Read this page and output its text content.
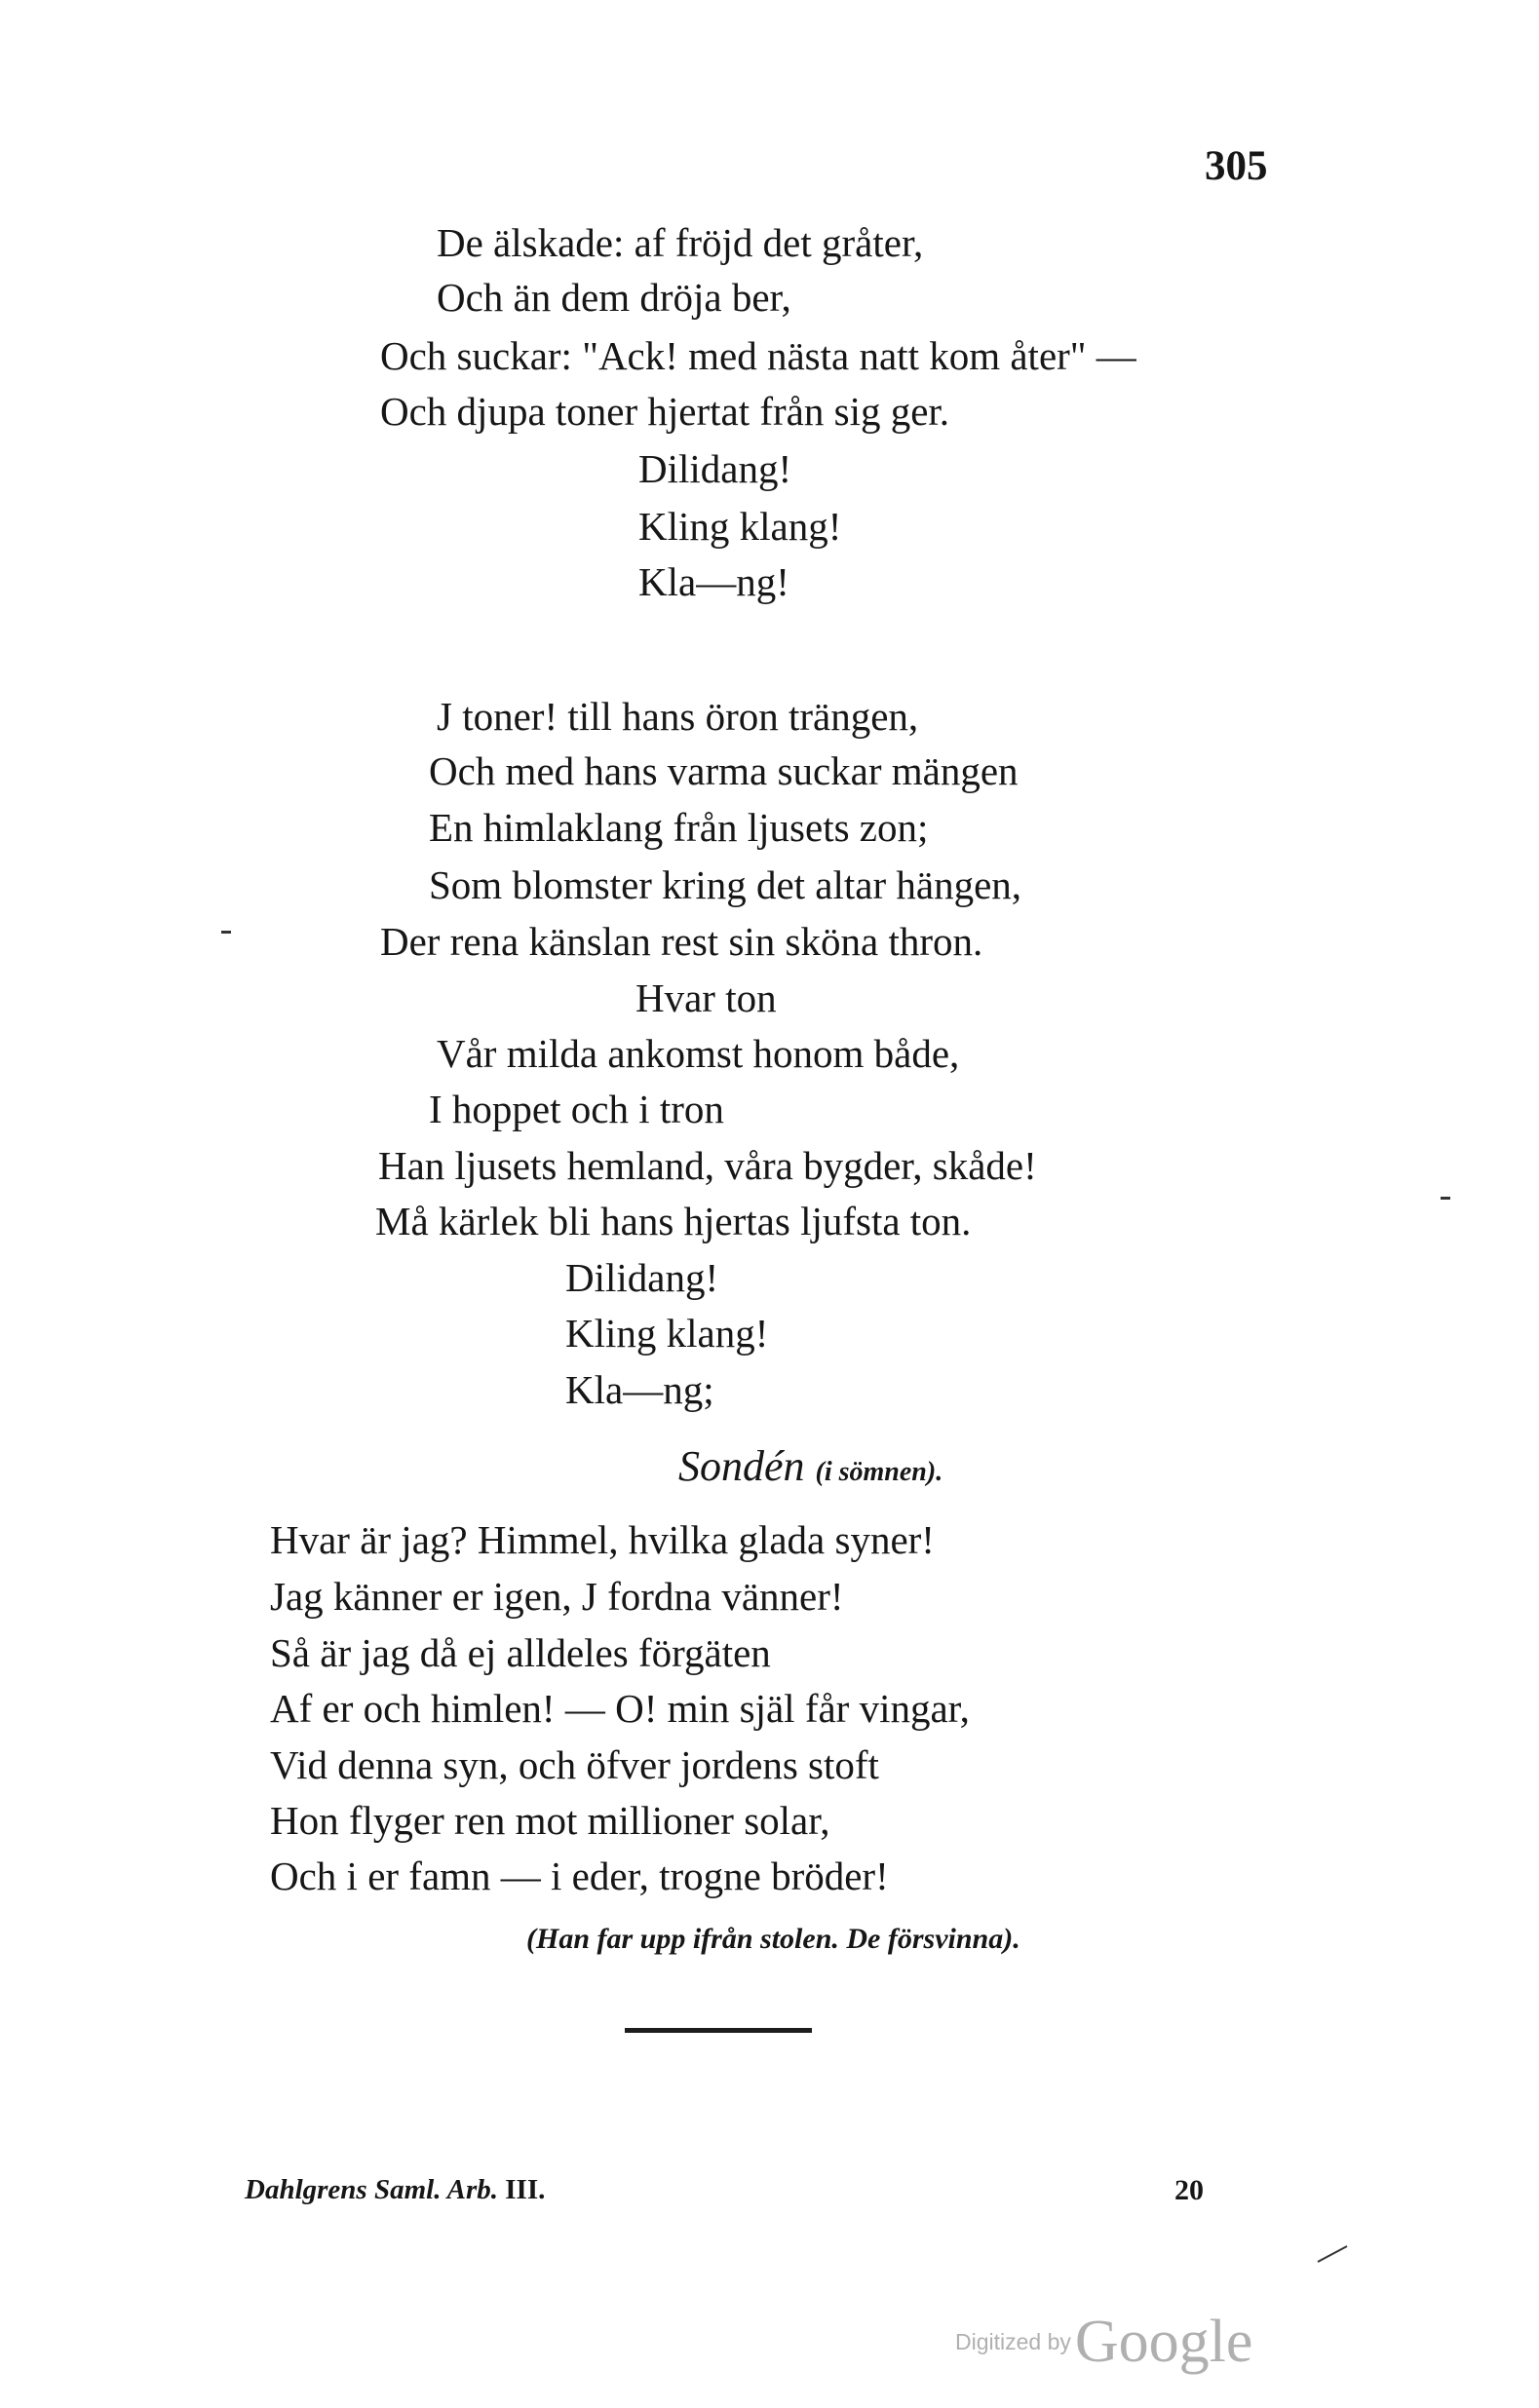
305
De älskade: af fröjd det gråter,
Och än dem dröja ber,
Och suckar: "Ack! med nästa natt kom åter" —
Och djupa toner hjertat från sig ger.
Dilidang!
Kling klang!
Kla—ng!
J toner! till hans öron trängen,
Och med hans varma suckar mängen
En himlaklang från ljusets zon;
Som blomster kring det altar hängen,
Der rena känslan rest sin sköna thron.
Hvar ton
Vår milda ankomst honom både,
I hoppet och i tron
Han ljusets hemland, våra bygder, skåde!
Må kärlek bli hans hjertas ljufsta ton.
Dilidang!
Kling klang!
Kla—ng;
Sondén (i sömnen).
Hvar är jag? Himmel, hvilka glada syner!
Jag känner er igen, J fordna vänner!
Så är jag då ej alldeles förgäten
Af er och himlen! — O! min själ får vingar,
Vid denna syn, och öfver jordens stoft
Hon flyger ren mot millioner solar,
Och i er famn — i eder, trogne bröder!
(Han far upp ifrån stolen. De försvinna).
Dahlgrens Saml. Arb. III.	20
Digitized by Google
